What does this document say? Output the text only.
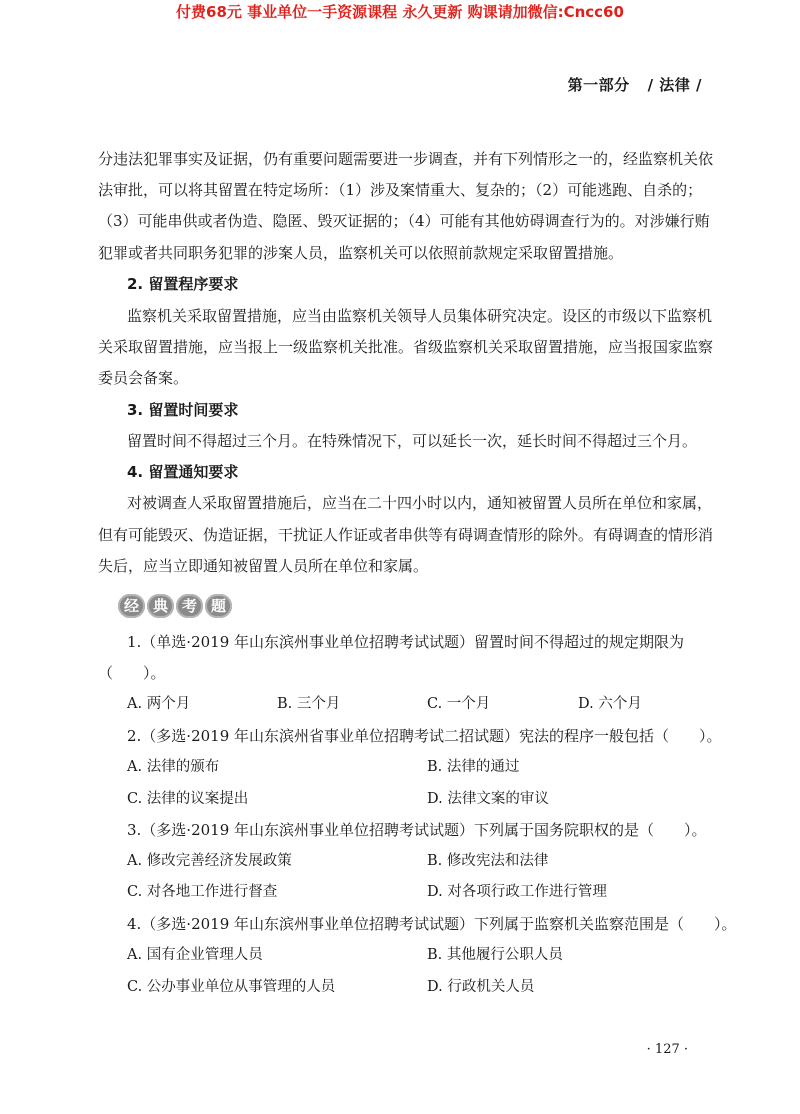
付费68元 事业单位一手资源课程 永久更新 购课请加微信:Cncc60
第一部分 / 法律 /
分违法犯罪事实及证据，仍有重要问题需要进一步调查，并有下列情形之一的，经监察机关依
法审批，可以将其留置在特定场所：（1）涉及案情重大、复杂的；（2）可能逃跑、自杀的；
（3）可能串供或者伪造、隐匿、毁灭证据的；（4）可能有其他妨碍调查行为的。对涉嫌行贿
犯罪或者共同职务犯罪的涉案人员，监察机关可以依照前款规定采取留置措施。
2. 留置程序要求
监察机关采取留置措施，应当由监察机关领导人员集体研究决定。设区的市级以下监察机
关采取留置措施，应当报上一级监察机关批准。省级监察机关采取留置措施，应当报国家监察
委员会备案。
3. 留置时间要求
留置时间不得超过三个月。在特殊情况下，可以延长一次，延长时间不得超过三个月。
4. 留置通知要求
对被调查人采取留置措施后，应当在二十四小时以内，通知被留置人员所在单位和家属，
但有可能毁灭、伪造证据，干扰证人作证或者串供等有碍调查情形的除外。有碍调查的情形消
失后，应当立即通知被留置人员所在单位和家属。
经 典 考 题
1.（单选·2019 年山东滨州事业单位招聘考试试题）留置时间不得超过的规定期限为
（　　）。
A. 两个月	B. 三个月	C. 一个月	D. 六个月
2.（多选·2019 年山东滨州省事业单位招聘考试二招试题）宪法的程序一般包括（　　）。
A. 法律的颁布	B. 法律的通过
C. 法律的议案提出	D. 法律文案的审议
3.（多选·2019 年山东滨州事业单位招聘考试试题）下列属于国务院职权的是（　　）。
A. 修改完善经济发展政策	B. 修改宪法和法律
C. 对各地工作进行督查	D. 对各项行政工作进行管理
4.（多选·2019 年山东滨州事业单位招聘考试试题）下列属于监察机关监察范围是（　　）。
A. 国有企业管理人员	B. 其他履行公职人员
C. 公办事业单位从事管理的人员	D. 行政机关人员
· 127 ·
